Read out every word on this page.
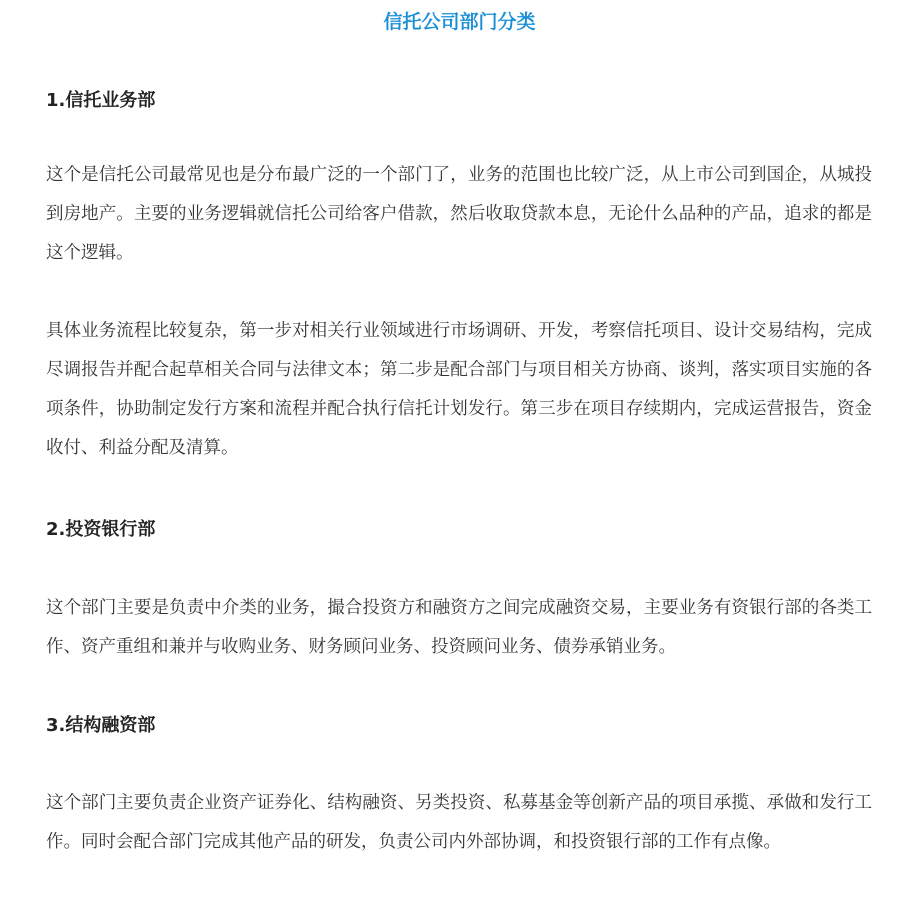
信托公司部门分类
1.信托业务部

这个是信托公司最常见也是分布最广泛的一个部门了，业务的范围也比较广泛，从上市公司到国企，从城投到房地产。主要的业务逻辑就信托公司给客户借款，然后收取贷款本息，无论什么品种的产品，追求的都是这个逻辑。

具体业务流程比较复杂，第一步对相关行业领域进行市场调研、开发，考察信托项目、设计交易结构，完成尽调报告并配合起草相关合同与法律文本；第二步是配合部门与项目相关方协商、谈判，落实项目实施的各项条件，协助制定发行方案和流程并配合执行信托计划发行。第三步在项目存续期内，完成运营报告，资金收付、利益分配及清算。

2.投资银行部

这个部门主要是负责中介类的业务，撮合投资方和融资方之间完成融资交易，主要业务有资银行部的各类工作、资产重组和兼并与收购业务、财务顾问业务、投资顾问业务、债券承销业务。

3.结构融资部

这个部门主要负责企业资产证券化、结构融资、另类投资、私募基金等创新产品的项目承揽、承做和发行工作。同时会配合部门完成其他产品的研发，负责公司内外部协调，和投资银行部的工作有点像。
